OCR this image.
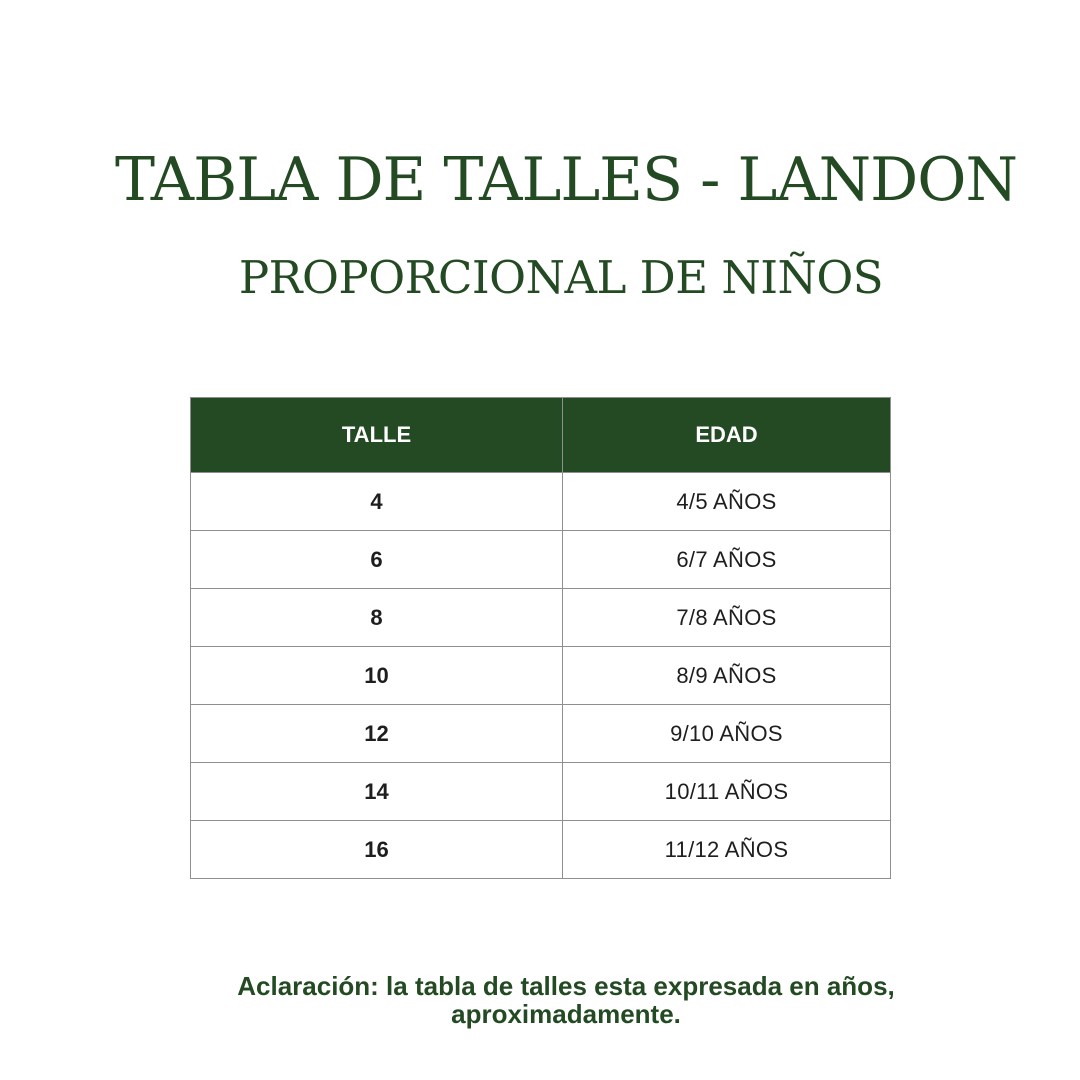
TABLA DE TALLES - LANDON
PROPORCIONAL DE NIÑOS
TALLE	EDAD
4	4/5 AÑOS
6	6/7 AÑOS
8	7/8 AÑOS
10	8/9 AÑOS
12	9/10 AÑOS
14	10/11 AÑOS
16	11/12 AÑOS

Aclaración: la tabla de talles esta expresada en años,
aproximadamente.
